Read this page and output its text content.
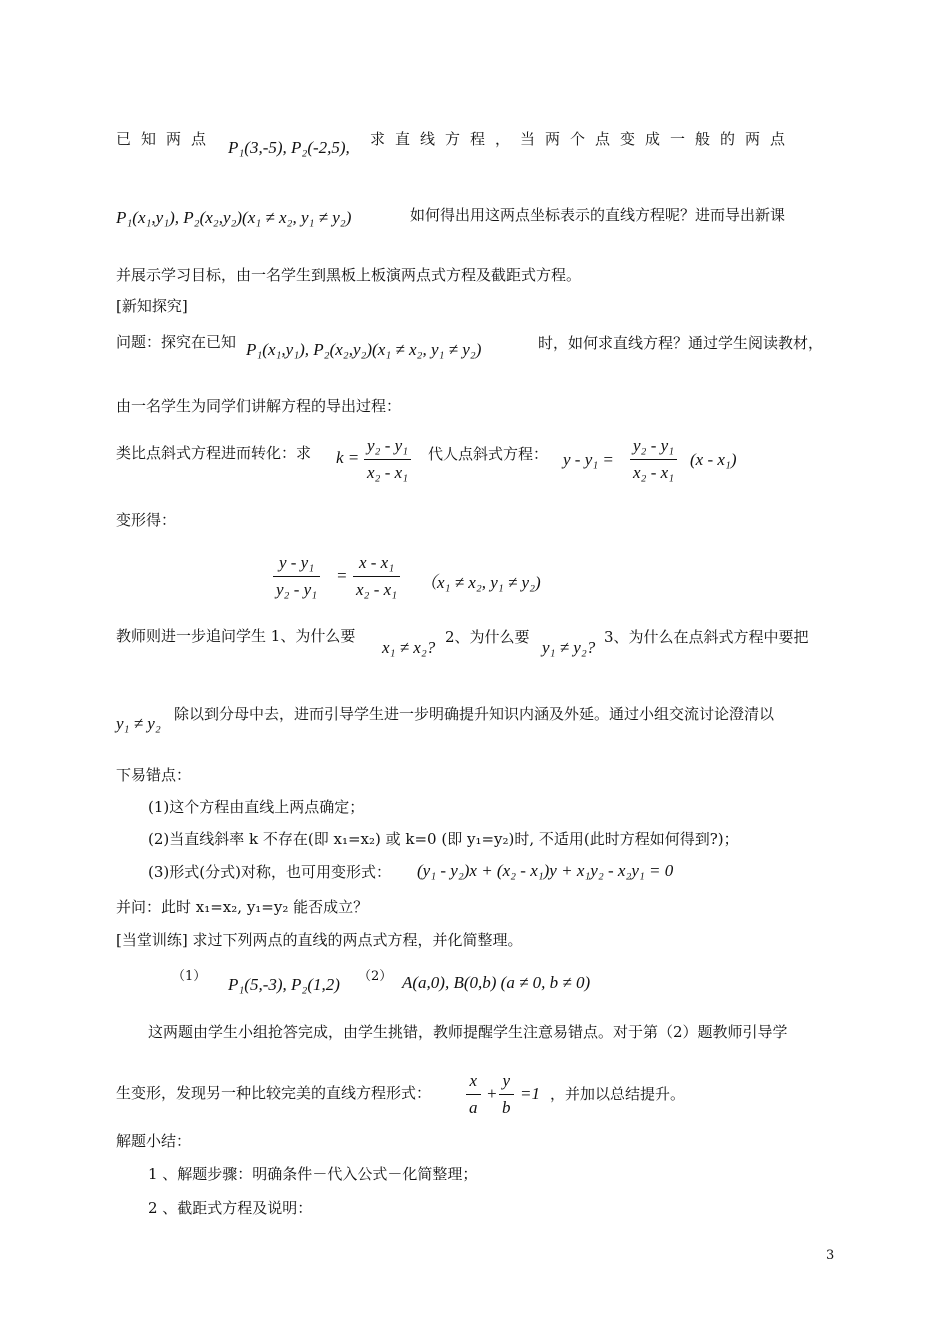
已知两点 P₁(3,-5), P₂(-2,5), 求直线方程，当两个点变成一般的两点
P₁(x₁,y₁), P₂(x₂,y₂)(x₁ ≠ x₂, y₁ ≠ y₂)	如何得出用这两点坐标表示的直线方程呢？进而导出新课
并展示学习目标，由一名学生到黑板上板演两点式方程及截距式方程。
[新知探究]
问题：探究在已知 P₁(x₁,y₁), P₂(x₂,y₂)(x₁ ≠ x₂, y₁ ≠ y₂)	时，如何求直线方程？通过学生阅读教材，
由一名学生为同学们讲解方程的导出过程：
类比点斜式方程进而转化：求 $k = \frac{\text{y₂ - y₁}}{\text{x₂ - x₁}}$ 代人点斜式方程： $y - y_1 = \frac{\text{y₂ - y₁}}{\text{x₂ - x₁}} (x - x_1)$
变形得：
$\frac{\text{y - y₁}}{\text{y₂ - y₁}} = \frac{\text{x - x₁}}{\text{x₂ - x₁}} (x_1 \ne x_2$, y₁ ≠ y₂)
教师则进一步追问学生 1、为什么要
x₁ ≠ x₂?
2、为什么要
y₁ ≠ y₂?
3、为什么在点斜式方程中要把
y₁ ≠ y₂ 除以到分母中去，进而引导学生进一步明确提升知识内涵及外延。通过小组交流讨论澄清以
下易错点：
(1)这个方程由直线上两点确定；
(2)当直线斜率 k 不存在(即 x₁=x₂) 或 k=0 (即 y₁=y₂)时, 不适用(此时方程如何得到?)；
(3)形式(分式)对称，也可用变形式： (y₁ - y₂)x + (x₂ - x₁)y + x₁y₂ - x₂y₁ = 0
并问：此时 x₁=x₂, y₁=y₂ 能否成立？
[当堂训练] 求过下列两点的直线的两点式方程，并化简整理。
（1） P₁(5,-3), P₂(1,2) （2） A(a,0), B(0,b) (a ≠ 0, b ≠ 0)
这两题由学生小组抢答完成，由学生挑错，教师提醒学生注意易错点。对于第（2）题教师引导学
生变形，发现另一种比较完美的直线方程形式： $\frac{x}{a} + \frac{y}{b} =1$ ，并加以总结提升。
解题小结：
1 、解题步骤：明确条件－代入公式－化简整理；
2 、截距式方程及说明：
3
